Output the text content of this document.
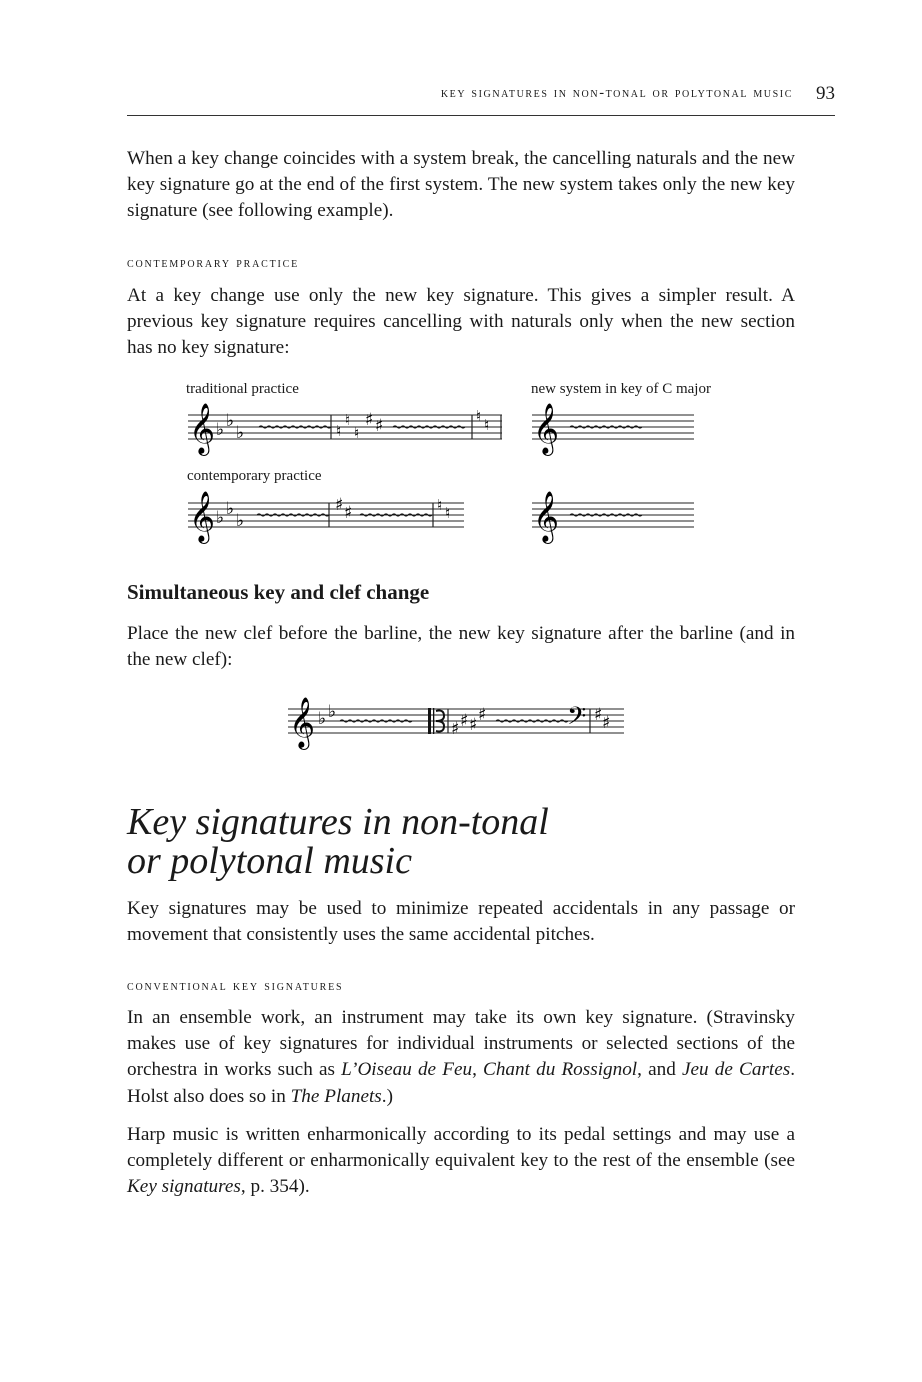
key signatures in non-tonal or polytonal music 93

When a key change coincides with a system break, the cancelling naturals and the new key signature go at the end of the first system. The new system takes only the new key signature (see following example).

contemporary practice

At a key change use only the new key signature. This gives a simpler result. A previous key signature requires cancelling with naturals only when the new section has no key signature:

traditional practice	new system in key of C major
contemporary practice
𝄞 ♭ ♭
♭	♮
♮
♮
♯ ♯	♮ ♮ 𝄞
𝄞 ♭ ♭
♭
♯ ♯	♮ ♮ 𝄞
𝄞 ♭ ♭
♯ ♯ ♯ ♯	𝄢 ♯ ♯
Simultaneous key and clef change

Place the new clef before the barline, the new key signature after the barline (and in the new clef):

Key signatures in non-tonal
or polytonal music

Key signatures may be used to minimize repeated accidentals in any passage or movement that consistently uses the same accidental pitches.

conventional key signatures

In an ensemble work, an instrument may take its own key signature. (Stravinsky makes use of key signatures for individual instruments or selected sections of the orchestra in works such as L’Oiseau de Feu, Chant du Rossignol, and Jeu de Cartes. Holst also does so in The Planets.)

Harp music is written enharmonically according to its pedal settings and may use a completely different or enharmonically equivalent key to the rest of the ensemble (see Key signatures, p. 354).
